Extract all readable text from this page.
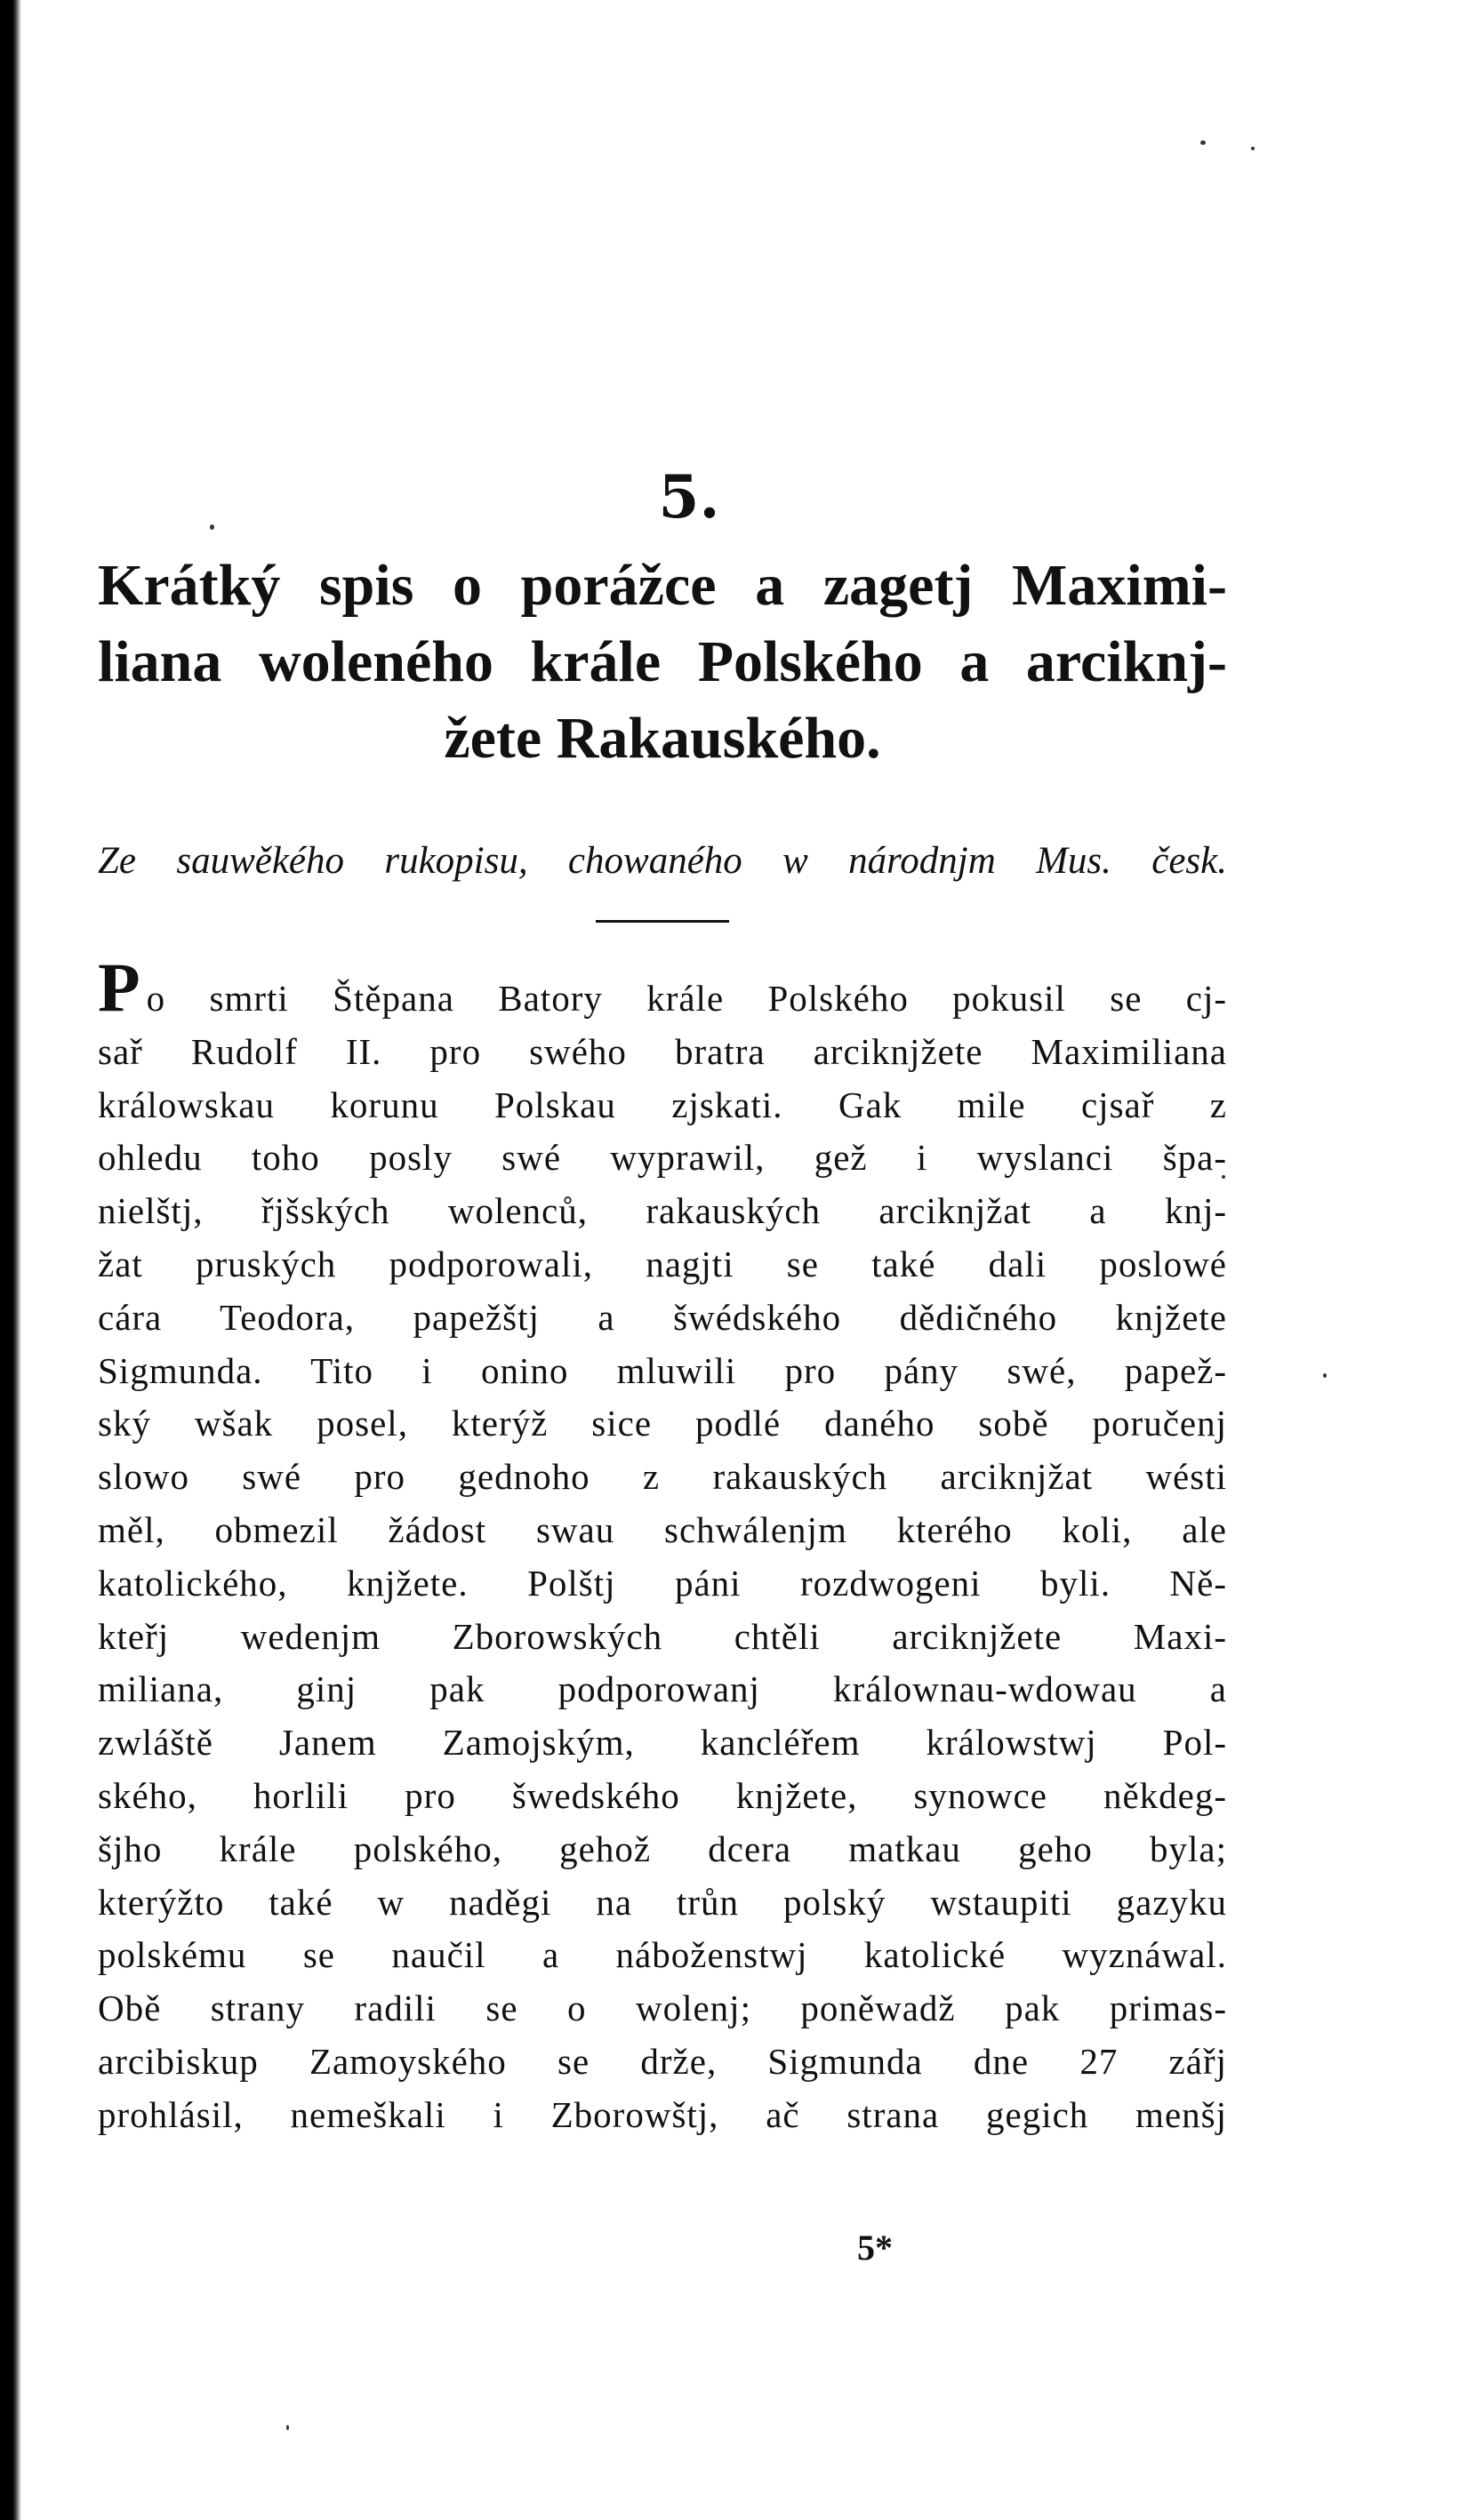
5.
Krátký spis o porážce a zagetj Maximi-
liana woleného krále Polského a arciknj-
žete Rakauského.
Ze sauwěkého rukopisu, chowaného w národnjm Mus. česk.
Po smrti Štěpana Batory krále Polského pokusil se cj-
sař Rudolf II. pro swého bratra arciknjžete Maximiliana
králowskau korunu Polskau zjskati. Gak mile cjsař z
ohledu toho posly swé wyprawil, gež i wyslanci špa-
nielštj, řjšských wolenců, rakauských arciknjžat a knj-
žat pruských podporowali, nagjti se také dali poslowé
cára Teodora, papežštj a šwédského dědičného knjžete
Sigmunda. Tito i onino mluwili pro pány swé, papež-
ský wšak posel, kterýž sice podlé daného sobě poručenj
slowo swé pro gednoho z rakauských arciknjžat wésti
měl, obmezil žádost swau schwálenjm kterého koli, ale
katolického, knjžete. Polštj páni rozdwogeni byli. Ně-
kteřj wedenjm Zborowských chtěli arciknjžete Maxi-
miliana, ginj pak podporowanj králownau-wdowau a
zwláště Janem Zamojským, kancléřem králowstwj Pol-
ského, horlili pro šwedského knjžete, synowce někdeg-
šjho krále polského, gehož dcera matkau geho byla;
kterýžto také w naděgi na trůn polský wstaupiti gazyku
polskému se naučil a náboženstwj katolické wyznáwal.
Obě strany radili se o wolenj; poněwadž pak primas-
arcibiskup Zamoyského se drže, Sigmunda dne 27 zářj
prohlásil, nemeškali i Zborowštj, ač strana gegich menšj
5*
